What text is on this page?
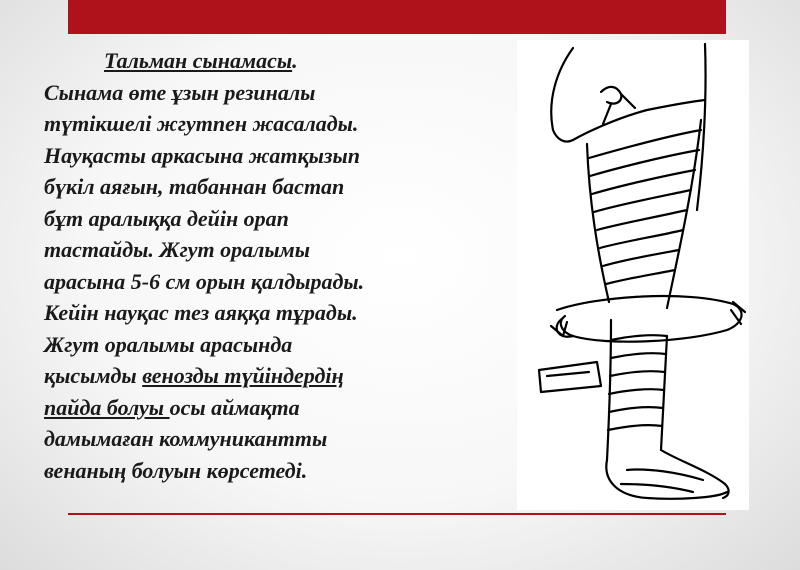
Тальман сынамасы.
Сынама өте ұзын резиналы
түтікшелі жгутпен жасалады.
Науқасты аркасына жатқызып
бүкіл аяғын, табаннан бастап
бұт аралыққа дейін орап
тастайды. Жгут оралымы
арасына 5-6 см орын қалдырады.
Кейін науқас тез аяққа тұрады.
Жгут оралымы арасында
қысымды венозды түйіндердің
пайда болуы осы аймақта
дамымаған коммуникантты
венаның болуын көрсетеді.
